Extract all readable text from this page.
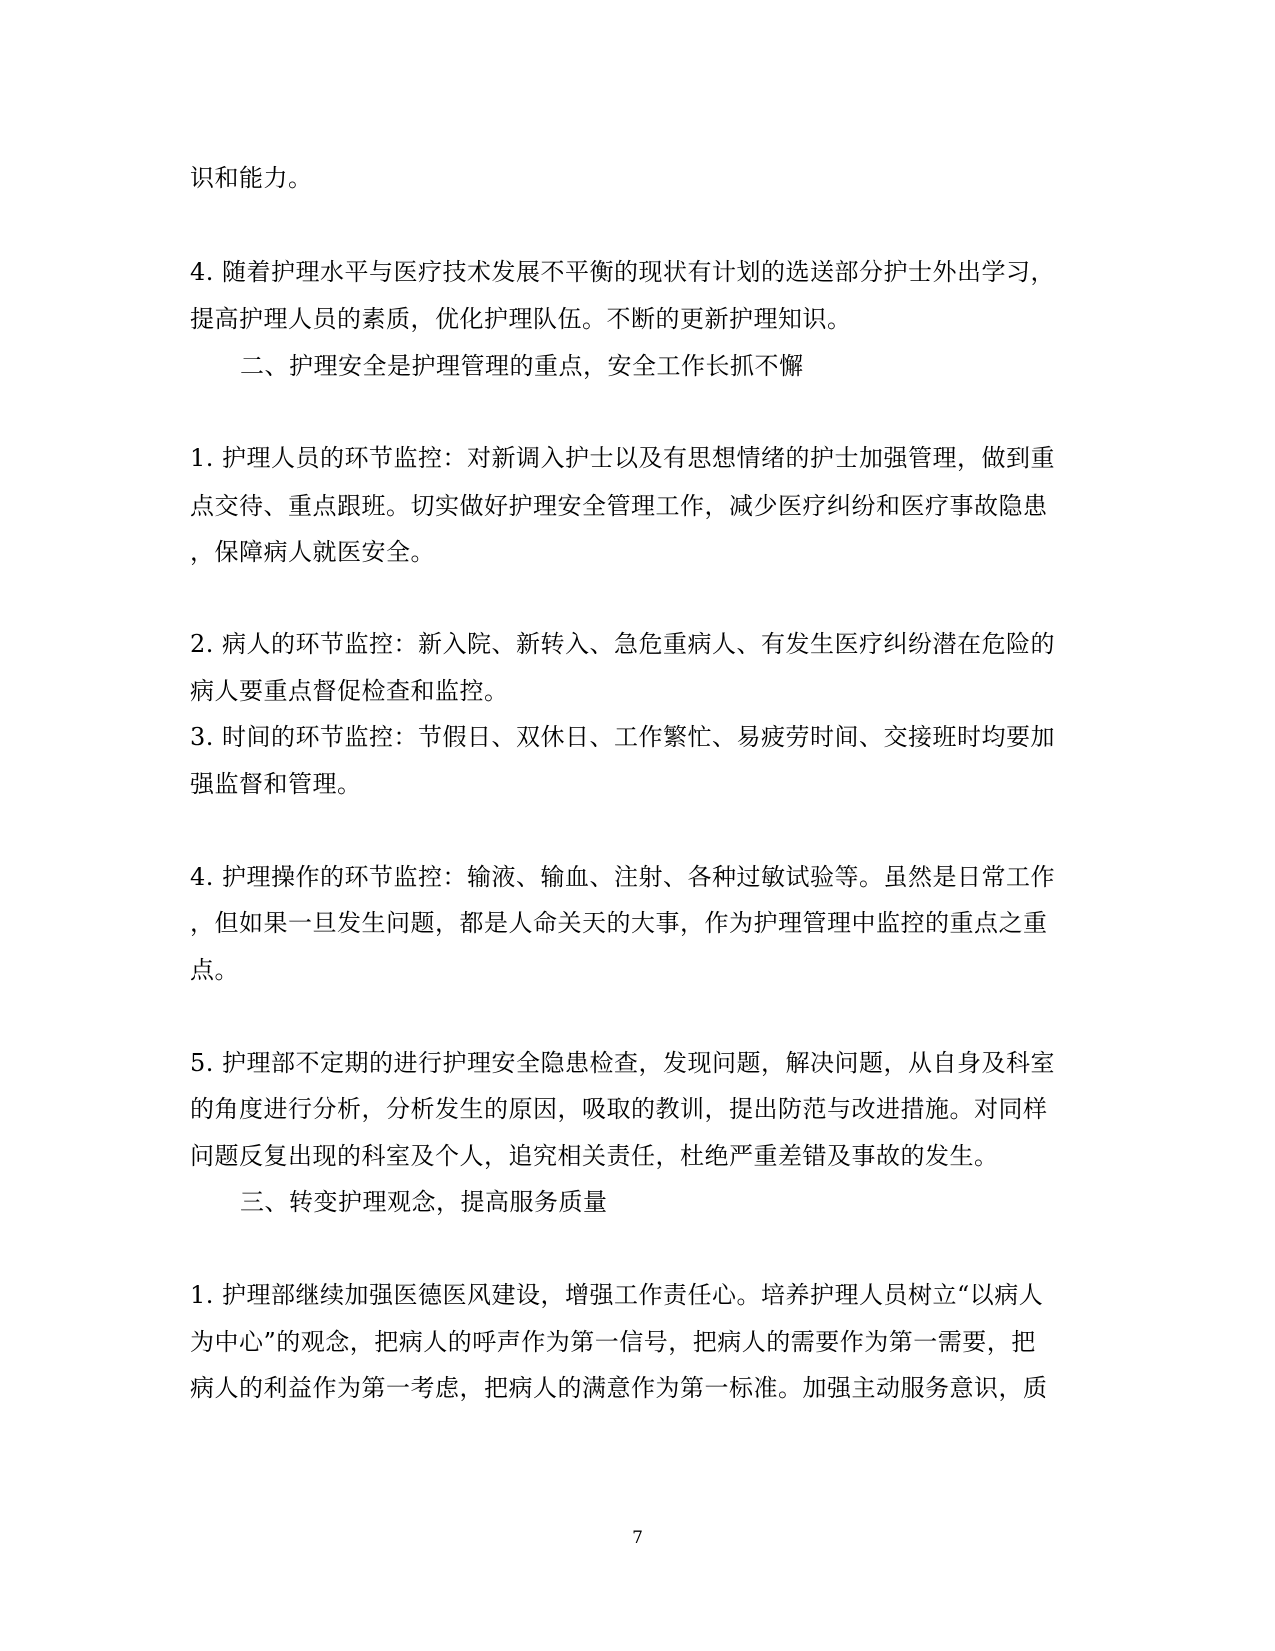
识和能力。
4. 随着护理水平与医疗技术发展不平衡的现状有计划的选送部分护士外出学习，
提高护理人员的素质，优化护理队伍。不断的更新护理知识。
二、护理安全是护理管理的重点，安全工作长抓不懈
1. 护理人员的环节监控：对新调入护士以及有思想情绪的护士加强管理，做到重
点交待、重点跟班。切实做好护理安全管理工作，减少医疗纠纷和医疗事故隐患
，保障病人就医安全。
2. 病人的环节监控：新入院、新转入、急危重病人、有发生医疗纠纷潜在危险的
病人要重点督促检查和监控。
3. 时间的环节监控：节假日、双休日、工作繁忙、易疲劳时间、交接班时均要加
强监督和管理。
4. 护理操作的环节监控：输液、输血、注射、各种过敏试验等。虽然是日常工作
，但如果一旦发生问题，都是人命关天的大事，作为护理管理中监控的重点之重
点。
5. 护理部不定期的进行护理安全隐患检查，发现问题，解决问题，从自身及科室
的角度进行分析，分析发生的原因，吸取的教训，提出防范与改进措施。对同样
问题反复出现的科室及个人，追究相关责任，杜绝严重差错及事故的发生。
三、转变护理观念，提高服务质量
1. 护理部继续加强医德医风建设，增强工作责任心。培养护理人员树立“以病人
为中心”的观念，把病人的呼声作为第一信号，把病人的需要作为第一需要，把
病人的利益作为第一考虑，把病人的满意作为第一标准。加强主动服务意识，质
7
